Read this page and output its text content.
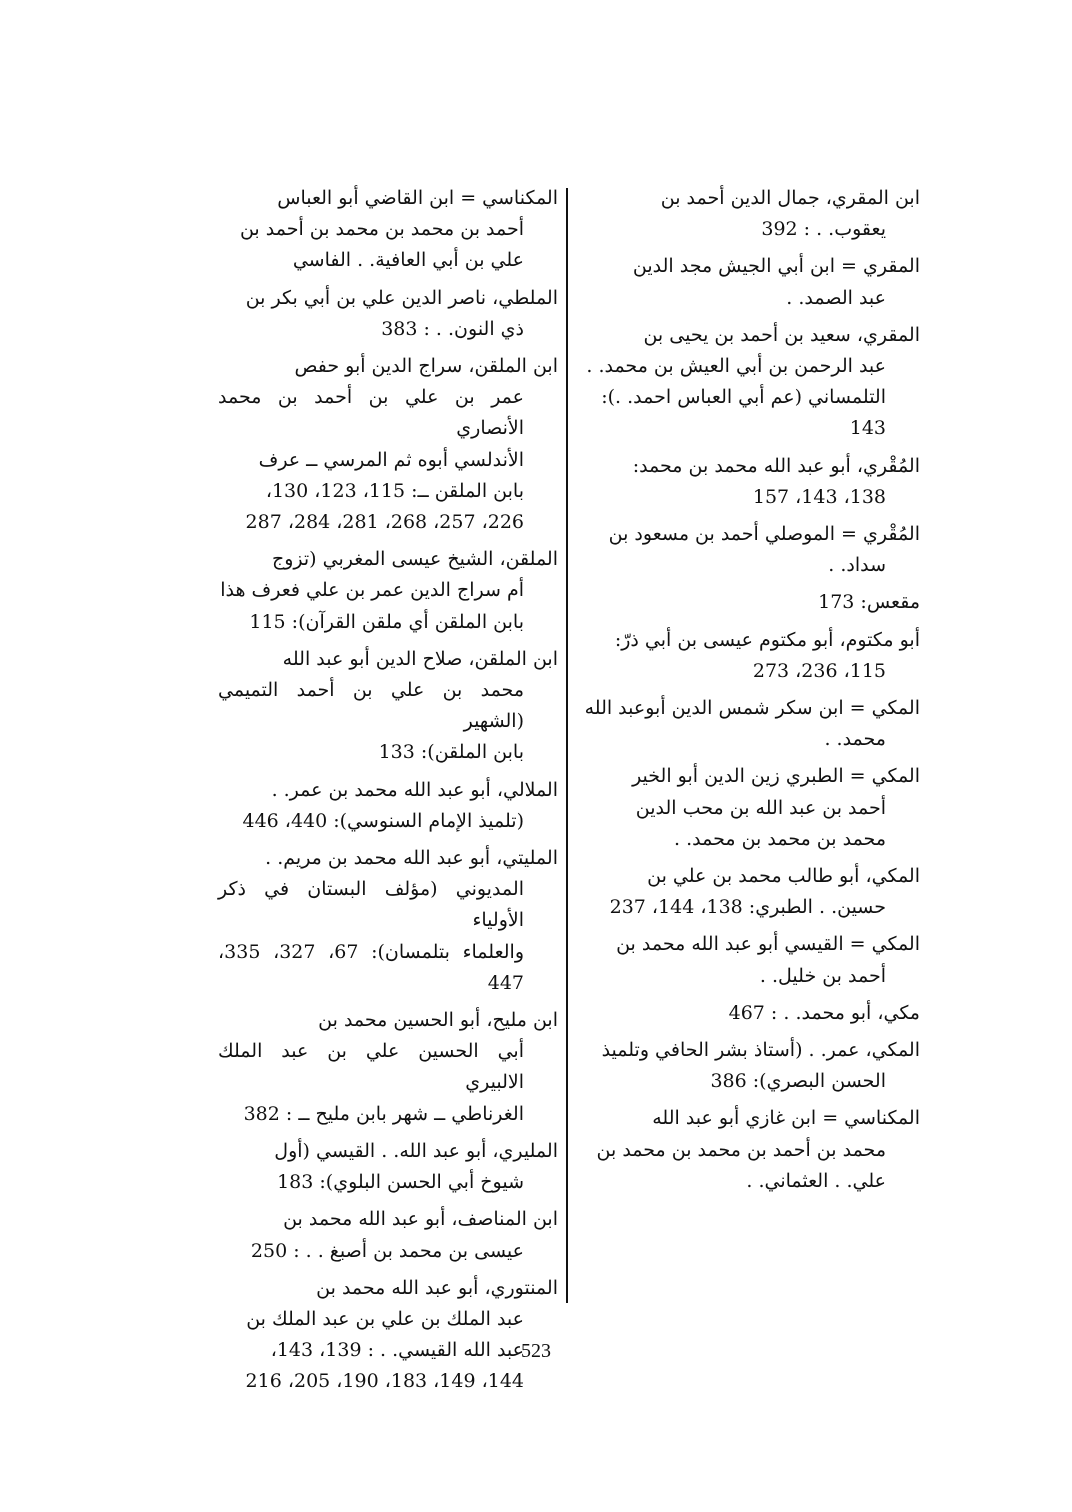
ابن المقري، جمال الدين أحمد بن
يعقوب. . : 392
المقري = ابن أبي الجيش مجد الدين
عبد الصمد. .
المقري، سعيد بن أحمد بن يحيى بن
عبد الرحمن بن أبي العيش بن محمد. .
التلمساني (عم أبي العباس احمد. .):
143
المُقْري، أبو عبد الله محمد بن محمد:
138، 143، 157
المُقْري = الموصلي أحمد بن مسعود بن
سداد. .
مقعس: 173
أبو مكتوم، أبو مكتوم عيسى بن أبي ذرّ:
115، 236، 273
المكي = ابن سكر شمس الدين أبوعبد الله
محمد. .
المكي = الطبري زين الدين أبو الخير
أحمد بن عبد الله بن محب الدين
محمد بن محمد بن محمد. .
المكي، أبو طالب محمد بن علي بن
حسين. . الطبري: 138، 144، 237
المكي = القيسي أبو عبد الله محمد بن
أحمد بن خليل. .
مكي، أبو محمد. . : 467
المكي، عمر. . (أستاذ بشر الحافي وتلميذ
الحسن البصري): 386
المكناسي = ابن غازي أبو عبد الله
محمد بن أحمد بن محمد بن محمد بن
علي. . العثماني. .
المكناسي = ابن القاضي أبو العباس
أحمد بن محمد بن محمد بن أحمد بن
علي بن أبي العافية. . الفاسي
الملطي، ناصر الدين علي بن أبي بكر بن
ذي النون. . : 383
ابن الملقن، سراج الدين أبو حفص
عمر بن علي بن أحمد بن محمد الأنصاري
الأندلسي أبوه ثم المرسي ــ عرف
بابن الملقن ــ: 115، 123، 130،
226، 257، 268، 281، 284، 287
الملقن، الشيخ عيسى المغربي (تزوج
أم سراج الدين عمر بن علي فعرف هذا
بابن الملقن أي ملقن القرآن): 115
ابن الملقن، صلاح الدين أبو عبد الله
محمد بن علي بن أحمد التميمي (الشهير
بابن الملقن): 133
الملالي، أبو عبد الله محمد بن عمر. .
(تلميذ الإمام السنوسي): 440، 446
المليتي، أبو عبد الله محمد بن مريم. .
المديوني (مؤلف البستان في ذكر الأولياء
والعلماء بتلمسان): 67، 327، 335، 447
ابن مليح، أبو الحسين محمد بن
أبي الحسين علي بن عبد الملك الالبيري
الغرناطي ــ شهر بابن مليح ــ : 382
المليري، أبو عبد الله. . القيسي (أول
شيوخ أبي الحسن البلوي): 183
ابن المناصف، أبو عبد الله محمد بن
عيسى بن محمد بن أصبغ . . : 250
المنتوري، أبو عبد الله محمد بن
عبد الملك بن علي بن عبد الملك بن
عبد الله القيسي. . : 139، 143،
144، 149، 183، 190، 205، 216
523
